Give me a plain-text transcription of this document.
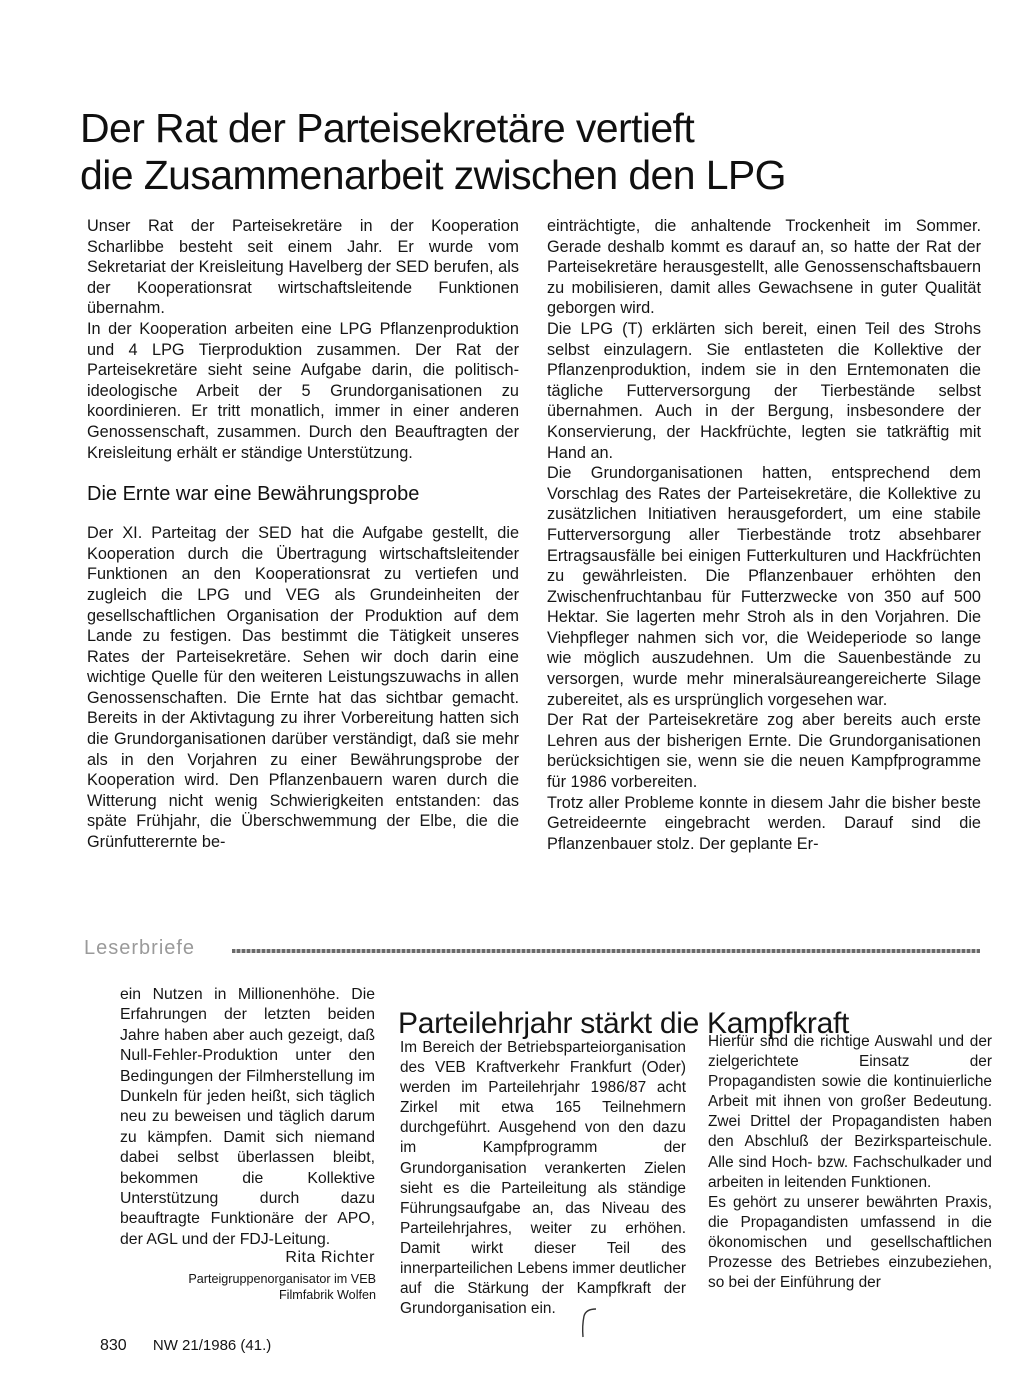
Der Rat der Parteisekretäre vertieft
die Zusammenarbeit zwischen den LPG

Unser Rat der Parteisekretäre in der Kooperation Scharlibbe besteht seit einem Jahr. Er wurde vom Sekretariat der Kreisleitung Havelberg der SED berufen, als der Kooperationsrat wirtschaftsleitende Funktionen übernahm.

In der Kooperation arbeiten eine LPG Pflanzenproduktion und 4 LPG Tierproduktion zusammen. Der Rat der Parteisekretäre sieht seine Aufgabe darin, die politisch-ideologische Arbeit der 5 Grundorganisationen zu koordinieren. Er tritt monatlich, immer in einer anderen Genossenschaft, zusammen. Durch den Beauftragten der Kreisleitung erhält er ständige Unterstützung.

Die Ernte war eine Bewährungsprobe

Der XI. Parteitag der SED hat die Aufgabe gestellt, die Kooperation durch die Übertragung wirtschaftsleitender Funktionen an den Kooperationsrat zu vertiefen und zugleich die LPG und VEG als Grundeinheiten der gesellschaftlichen Organisation der Produktion auf dem Lande zu festigen. Das bestimmt die Tätigkeit unseres Rates der Parteisekretäre. Sehen wir doch darin eine wichtige Quelle für den weiteren Leistungszuwachs in allen Genossenschaften. Die Ernte hat das sichtbar gemacht. Bereits in der Aktivtagung zu ihrer Vorbereitung hatten sich die Grundorganisationen darüber verständigt, daß sie mehr als in den Vorjahren zu einer Bewährungsprobe der Kooperation wird. Den Pflanzenbauern waren durch die Witterung nicht wenig Schwierigkeiten entstanden: das späte Frühjahr, die Überschwemmung der Elbe, die die Grünfutterernte be-

einträchtigte, die anhaltende Trockenheit im Sommer. Gerade deshalb kommt es darauf an, so hatte der Rat der Parteisekretäre herausgestellt, alle Genossenschaftsbauern zu mobilisieren, damit alles Gewachsene in guter Qualität geborgen wird.

Die LPG (T) erklärten sich bereit, einen Teil des Strohs selbst einzulagern. Sie entlasteten die Kollektive der Pflanzenproduktion, indem sie in den Erntemonaten die tägliche Futterversorgung der Tierbestände selbst übernahmen. Auch in der Bergung, insbesondere der Konservierung, der Hackfrüchte, legten sie tatkräftig mit Hand an.

Die Grundorganisationen hatten, entsprechend dem Vorschlag des Rates der Parteisekretäre, die Kollektive zu zusätzlichen Initiativen herausgefordert, um eine stabile Futterversorgung aller Tierbestände trotz absehbarer Ertragsausfälle bei einigen Futterkulturen und Hackfrüchten zu gewährleisten. Die Pflanzenbauer erhöhten den Zwischenfruchtanbau für Futterzwecke von 350 auf 500 Hektar. Sie lagerten mehr Stroh als in den Vorjahren. Die Viehpfleger nahmen sich vor, die Weideperiode so lange wie möglich auszudehnen. Um die Sauenbestände zu versorgen, wurde mehr mineralsäureangereicherte Silage zubereitet, als es ursprünglich vorgesehen war.

Der Rat der Parteisekretäre zog aber bereits auch erste Lehren aus der bisherigen Ernte. Die Grundorganisationen berücksichtigen sie, wenn sie die neuen Kampfprogramme für 1986 vorbereiten.

Trotz aller Probleme konnte in diesem Jahr die bisher beste Getreideernte eingebracht werden. Darauf sind die Pflanzenbauer stolz. Der geplante Er-

Leserbriefe

ein Nutzen in Millionenhöhe. Die Erfahrungen der letzten beiden Jahre haben aber auch gezeigt, daß Null-Fehler-Produktion unter den Bedingungen der Filmherstellung im Dunkeln für jeden heißt, sich täglich neu zu beweisen und täglich darum zu kämpfen. Damit sich niemand dabei selbst überlassen bleibt, bekommen die Kollektive Unterstützung durch dazu beauftragte Funktionäre der APO, der AGL und der FDJ-Leitung.

Rita Richter
Parteigruppenorganisator im VEB Filmfabrik Wolfen
Parteilehrjahr stärkt die Kampfkraft

Im Bereich der Betriebsparteiorganisation des VEB Kraftverkehr Frankfurt (Oder) werden im Parteilehrjahr 1986/87 acht Zirkel mit etwa 165 Teilnehmern durchgeführt. Ausgehend von den dazu im Kampfprogramm der Grundorganisation verankerten Zielen sieht es die Parteileitung als ständige Führungsaufgabe an, das Niveau des Parteilehrjahres, weiter zu erhöhen. Damit wirkt dieser Teil des innerparteilichen Lebens immer deutlicher auf die Stärkung der Kampfkraft der Grundorganisation ein.

Hierfür sind die richtige Auswahl und der zielgerichtete Einsatz der Propagandisten sowie die kontinuierliche Arbeit mit ihnen von großer Bedeutung. Zwei Drittel der Propagandisten haben den Abschluß der Bezirksparteischule. Alle sind Hoch- bzw. Fachschulkader und arbeiten in leitenden Funktionen.

Es gehört zu unserer bewährten Praxis, die Propagandisten umfassend in die ökonomischen und gesellschaftlichen Prozesse des Betriebes einzubeziehen, so bei der Einführung der

830 NW 21/1986 (41.)
